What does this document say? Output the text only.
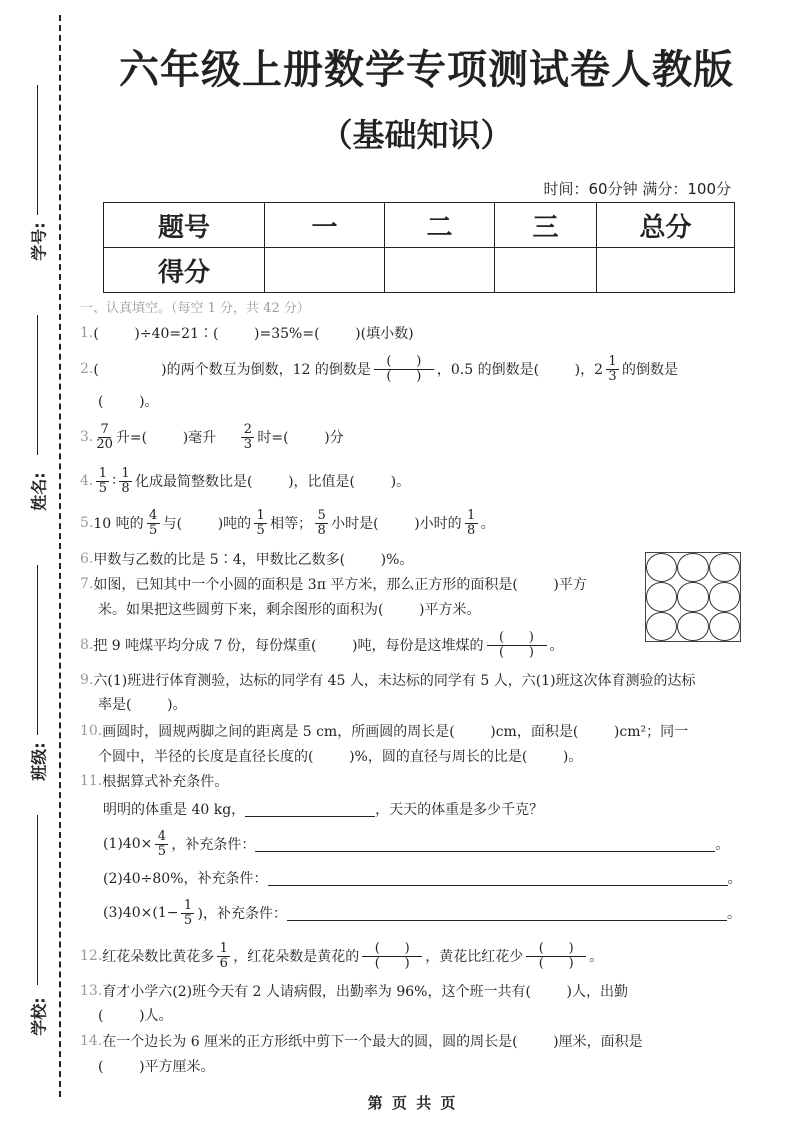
学号:
姓名:
班级:
学校:
六年级上册数学专项测试卷人教版
（基础知识）
时间：60分钟 满分：100分
题号	一	二	三	总分
得分				
一、认真填空。（每空 1 分，共 42 分）
1. (        )÷40=21∶(        )=35%=(        )(填小数)
2. (              )的两个数互为倒数，12 的倒数是 $\frac{( )}{( )}$ ，0.5 的倒数是(        )，$2 \frac{1}{3}$ 的倒数是
(        )。
3. $\frac{7}{20}$ 升=(        )毫升 $\frac{2}{3}$ 时=(        )分
4. $\frac{1}{5}$ ∶ $\frac{1}{8}$ 化成最简整数比是(        )，比值是(        )。
5. 10 吨的 $\frac{4}{5}$ 与(        )吨的 $\frac{1}{5}$ 相等； $\frac{5}{8}$ 小时是(        )小时的 $\frac{1}{8}$ 。
6. 甲数与乙数的比是 5∶4，甲数比乙数多(        )%。
7. 如图，已知其中一个小圆的面积是 3π 平方米，那么正方形的面积是(        )平方
米。如果把这些圆剪下来，剩余图形的面积为(        )平方米。
8. 把 9 吨煤平均分成 7 份，每份煤重(        )吨，每份是这堆煤的 $\frac{( )}{( )}$ 。
9. 六(1)班进行体育测验，达标的同学有 45 人，未达标的同学有 5 人，六(1)班这次体育测验的达标
率是(        )。
10. 画圆时，圆规两脚之间的距离是 5 cm，所画圆的周长是(        )cm，面积是(        )cm²；同一
个圆中，半径的长度是直径长度的(        )%，圆的直径与周长的比是(        )。
11. 根据算式补充条件。
明明的体重是 40 kg，	，天天的体重是多少千克？
$(1)40\times \frac{4}{5}$ ，补充条件：	。
(2)40÷80%，补充条件：	。
$(3)40\times(1- \frac{1}{5}$ )，补充条件：	。
12. 红花朵数比黄花多 $\frac{1}{6}$ ，红花朵数是黄花的 $\frac{( )}{( )}$ ，黄花比红花少 $\frac{( )}{( )}$ 。
13. 育才小学六(2)班今天有 2 人请病假，出勤率为 96%，这个班一共有(        )人，出勤
(        )人。
14. 在一个边长为 6 厘米的正方形纸中剪下一个最大的圆，圆的周长是(        )厘米，面积是
(        )平方厘米。
第 页 共 页
